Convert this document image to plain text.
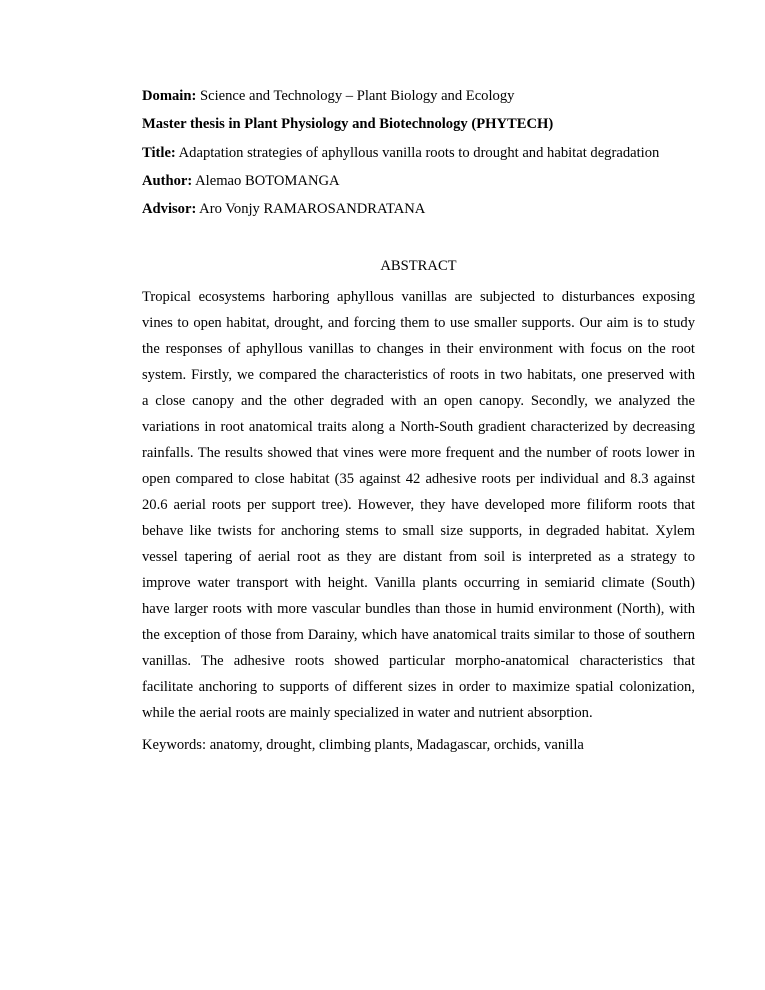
Domain: Science and Technology – Plant Biology and Ecology
Master thesis in Plant Physiology and Biotechnology (PHYTECH)
Title: Adaptation strategies of aphyllous vanilla roots to drought and habitat degradation
Author: Alemao BOTOMANGA
Advisor: Aro Vonjy RAMAROSANDRATANA
ABSTRACT
Tropical ecosystems harboring aphyllous vanillas are subjected to disturbances exposing
vines to open habitat, drought, and forcing them to use smaller supports. Our aim is to study
the responses of aphyllous vanillas to changes in their environment with focus on the root
system. Firstly, we compared the characteristics of roots in two habitats, one preserved with
a close canopy and the other degraded with an open canopy. Secondly, we analyzed the
variations in root anatomical traits along a North-South gradient characterized by decreasing
rainfalls. The results showed that vines were more frequent and the number of roots lower in
open compared to close habitat (35 against 42 adhesive roots per individual and 8.3 against
20.6 aerial roots per support tree). However, they have developed more filiform roots that
behave like twists for anchoring stems to small size supports, in degraded habitat. Xylem
vessel tapering of aerial root as they are distant from soil is interpreted as a strategy to
improve water transport with height. Vanilla plants occurring in semiarid climate (South)
have larger roots with more vascular bundles than those in humid environment (North), with
the exception of those from Darainy, which have anatomical traits similar to those of southern
vanillas. The adhesive roots showed particular morpho-anatomical characteristics that
facilitate anchoring to supports of different sizes in order to maximize spatial colonization,
while the aerial roots are mainly specialized in water and nutrient absorption.
Keywords: anatomy, drought, climbing plants, Madagascar, orchids, vanilla
